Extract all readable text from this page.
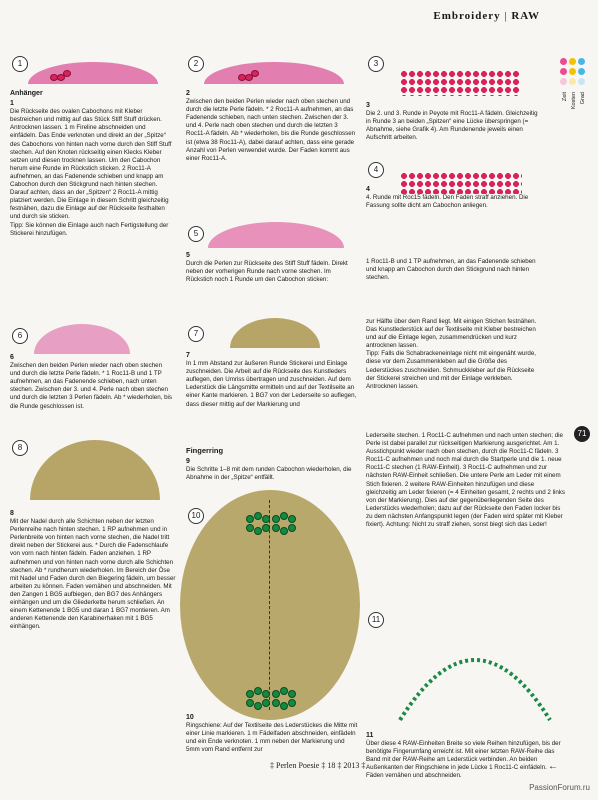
Embroidery | RAW
Zeit Kosten Grad
1
Anhänger
1

Die Rückseite des ovalen Cabochons mit Kleber bestreichen und mittig auf das Stück Stiff Stuff drücken. Antrocknen lassen. 1 m Fireline abschneiden und einfädeln. Das Ende verknoten und direkt an der „Spitze“ des Cabochons von hinten nach vorne durch den Stiff Stuff stechen. Auf den Knoten rückseitig einen Klecks Kleber setzen und diesen trocknen lassen. Um den Cabochon herum eine Runde im Rückstich sticken. 2 Roc11-A aufnehmen, an das Fadenende schieben und knapp am Cabochon durch den Stickgrund nach hinten stechen. Darauf achten, dass an der „Spitzen“ 2 Roc11-A mittig platziert werden. Die Einlage in diesem Schritt gleichzeitig festnähen, dazu die Einlage auf der Rückseite festhalten und durch sie sticken.

Tipp: Sie können die Einlage auch nach Fertigstellung der Stickerei hinzufügen.

6
6

Zwischen den beiden Perlen wieder nach oben stechen und durch die letzte Perle fädeln. * 1 Roc11-B und 1 TP aufnehmen, an das Fadenende schieben, nach unten stechen. Zwischen der 3. und 4. Perle nach oben stechen und durch die letzten 3 Perlen fädeln. Ab * wiederholen, bis die Runde geschlossen ist.

8
8

Mit der Nadel durch alle Schichten neben der letzten Perlenreihe nach hinten stechen. 1 RP aufnehmen und in Perlenbreite von hinten nach vorne stechen, die Nadel tritt direkt neben der Stickerei aus. * Durch die Fadenschlaufe von vorn nach hinten fädeln. Faden anziehen. 1 RP aufnehmen und von hinten nach vorne durch alle Schichten stechen. Ab * rundherum wiederholen. Im Bereich der Öse mit Nadel und Faden durch den Biegering fädeln, um besser arbeiten zu können. Faden vernähen und abschneiden. Mit den Zangen 1 BG5 aufbiegen, den BG7 des Anhängers einhängen und um die Gliederkette herum schließen. An einem Kettenende 1 BG5 und daran 1 BG7 montieren. Am anderen Kettenende den Karabinerhaken mit 1 BG5 einhängen.

2
2

Zwischen den beiden Perlen wieder nach oben stechen und durch die letzte Perle fädeln. * 2 Roc11-A aufnehmen, an das Fadenende schieben, nach unten stechen. Zwischen der 3. und 4. Perle nach oben stechen und durch die letzten 3 Roc11-A fädeln. Ab * wiederholen, bis die Runde geschlossen ist (etwa 38 Roc11-A), dabei darauf achten, dass eine gerade Anzahl von Perlen verwendet wurde. Der Faden kommt aus einer Roc11-A.

5
5

Durch die Perlen zur Rückseite des Stiff Stuff fädeln. Direkt neben der vorherigen Runde nach vorne stechen. Im Rückstich noch 1 Runde um den Cabochon sticken:

7
7

In 1 mm Abstand zur äußeren Runde Stickerei und Einlage zuschneiden. Die Arbeit auf die Rückseite des Kunstleders auflegen, den Umriss übertragen und zuschneiden. Auf dem Lederstück die Längsmitte ermitteln und auf der Textilseite an einer Kante markieren. 1 BG7 von der Lederseite so auflegen, dass dieser mittig auf der Markierung und

Fingerring
9

Die Schritte 1–8 mit dem runden Cabochon wiederholen, die Abnahme in der „Spitze“ entfällt.

10
10

Ringschiene: Auf der Textilseite des Lederstückes die Mitte mit einer Linie markieren. 1 m Fädelfaden abschneiden, einfädeln und ein Ende verknoten. 1 mm neben der Markierung und 5mm vom Rand entfernt zur

3
3

Die 2. und 3. Runde in Peyote mit Roc11-A fädeln. Gleichzeitig in Runde 3 an beiden „Spitzen“ eine Lücke überspringen (= Abnahme, siehe Grafik 4). Am Rundenende jeweils einen Aufschritt arbeiten.

4
4

4. Runde mit Roc15 fädeln. Den Faden straff anziehen. Die Fassung sollte dicht am Cabochon anliegen.

1 Roc11-B und 1 TP aufnehmen, an das Fadenende schieben und knapp am Cabochon durch den Stickgrund nach hinten stechen.

zur Hälfte über dem Rand liegt. Mit einigen Stichen festnähen. Das Kunstlederstück auf der Textilseite mit Kleber bestreichen und auf die Einlage legen, zusammendrücken und kurz antrocknen lassen.

Tipp: Falls die Schabrackeneinlage nicht mit eingenäht wurde, diese vor dem Zusammenkleben auf die Größe des Lederstückes zuschneiden. Schmuckkleber auf die Rückseite der Stickerei streichen und mit der Einlage verkleben. Antrocknen lassen.

71

Lederseite stechen. 1 Roc11-C aufnehmen und nach unten stechen; die Perle ist dabei parallel zur rückseitigen Markierung ausgerichtet. Am 1. Ausstichpunkt wieder nach oben stechen, durch die Roc11-C fädeln. 3 Roc11-C aufnehmen und noch mal durch die Startperle und die 1. neue Roc11-C stechen (1 RAW-Einheit). 3 Roc11-C aufnehmen und zur nächsten RAW-Einheit schließen. Die untere Perle am Leder mit einem Stich fixieren. 2 weitere RAW-Einheiten hinzufügen und diese gleichzeitig am Leder fixieren (= 4 Einheiten gesamt, 2 rechts und 2 links von der Markierung). Dies auf der gegenüberliegenden Seite des Lederstücks wiederholen; dazu auf der Rückseite den Faden locker bis zu dem nächsten Anfangspunkt legen (der Faden wird später mit Kleber fixiert). Achtung: Nicht zu straff ziehen, sonst biegt sich das Leder!

11
11

Über diese 4 RAW-Einheiten Breite so viele Reihen hinzufügen, bis der benötigte Fingerumfang erreicht ist. Mit einer letzten RAW-Reihe das Band mit der RAW-Reihe am Lederstück verbinden. An beiden Außenkanten der Ringschiene in jede Lücke 1 Roc11-C einfädeln. Fäden vernähen und abschneiden.

‡ Perlen Poesie ‡ 18 ‡ 2013 ‡	←
PassionForum.ru
